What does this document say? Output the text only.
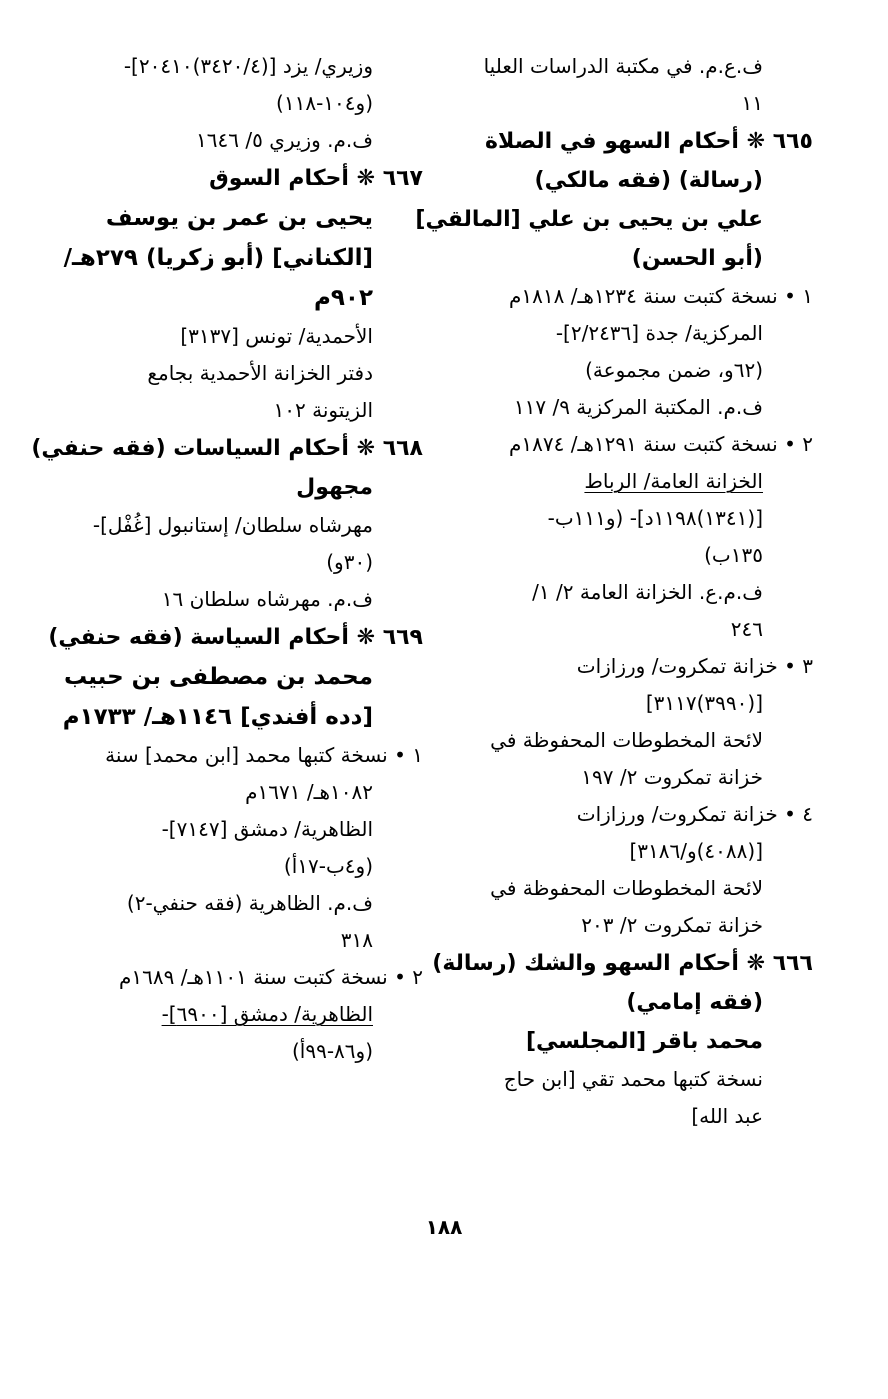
ف.ع.م. في مكتبة الدراسات العليا
١١
٦٦٥ ❋ أحكام السهو في الصلاة
(رسالة) (فقه مالكي)
علي بن يحيى بن علي [المالقي]
(أبو الحسن)
١ • نسخة كتبت سنة ١٢٣٤هـ/ ١٨١٨م
المركزية/ جدة [٢/٢٤٣٦]-
(٦٢و، ضمن مجموعة)
ف.م. المكتبة المركزية ٩/ ١١٧
٢ • نسخة كتبت سنة ١٢٩١هـ/ ١٨٧٤م
الخزانة العامة/ الرباط
[(١٣٤١)١١٩٨د]- (و١١١ب-
١٣٥ب)
ف.م.ع. الخزانة العامة ٢/ ١/
٢٤٦
٣ • خزانة تمكروت/ ورزازات
[(٣٩٩٠)٣١١٧]
لائحة المخطوطات المحفوظة في
خزانة تمكروت ٢/ ١٩٧
٤ • خزانة تمكروت/ ورزازات
[(٤٠٨٨)و/٣١٨٦]
لائحة المخطوطات المحفوظة في
خزانة تمكروت ٢/ ٢٠٣
٦٦٦ ❋ أحكام السهو والشك (رسالة)
(فقه إمامي)
محمد باقر [المجلسي]
نسخة كتبها محمد تقي [ابن حاج
عبد الله]
وزيري/ يزد [(٣٤٢٠/٤)٢٠٤١٠]-
(و١٠٤-١١٨)
ف.م. وزيري ٥/ ١٦٤٦
٦٦٧ ❋ أحكام السوق
يحيى بن عمر بن يوسف
[الكناني] (أبو زكريا) ٢٧٩هـ/
٩٠٢م
الأحمدية/ تونس [٣١٣٧]
دفتر الخزانة الأحمدية بجامع
الزيتونة ١٠٢
٦٦٨ ❋ أحكام السياسات (فقه حنفي)
مجهول
مهرشاه سلطان/ إستانبول [غُفْل]-
(٣٠و)
ف.م. مهرشاه سلطان ١٦
٦٦٩ ❋ أحكام السياسة (فقه حنفي)
محمد بن مصطفى بن حبيب
[دده أفندي] ١١٤٦هـ/ ١٧٣٣م
١ • نسخة كتبها محمد [ابن محمد] سنة
١٠٨٢هـ/ ١٦٧١م
الظاهرية/ دمشق [٧١٤٧]-
(و٤ب-١٧أ)
ف.م. الظاهرية (فقه حنفي-٢)
٣١٨
٢ • نسخة كتبت سنة ١١٠١هـ/ ١٦٨٩م
الظاهرية/ دمشق [٦٩٠٠]-
(و٨٦-٩٩أ)
١٨٨
